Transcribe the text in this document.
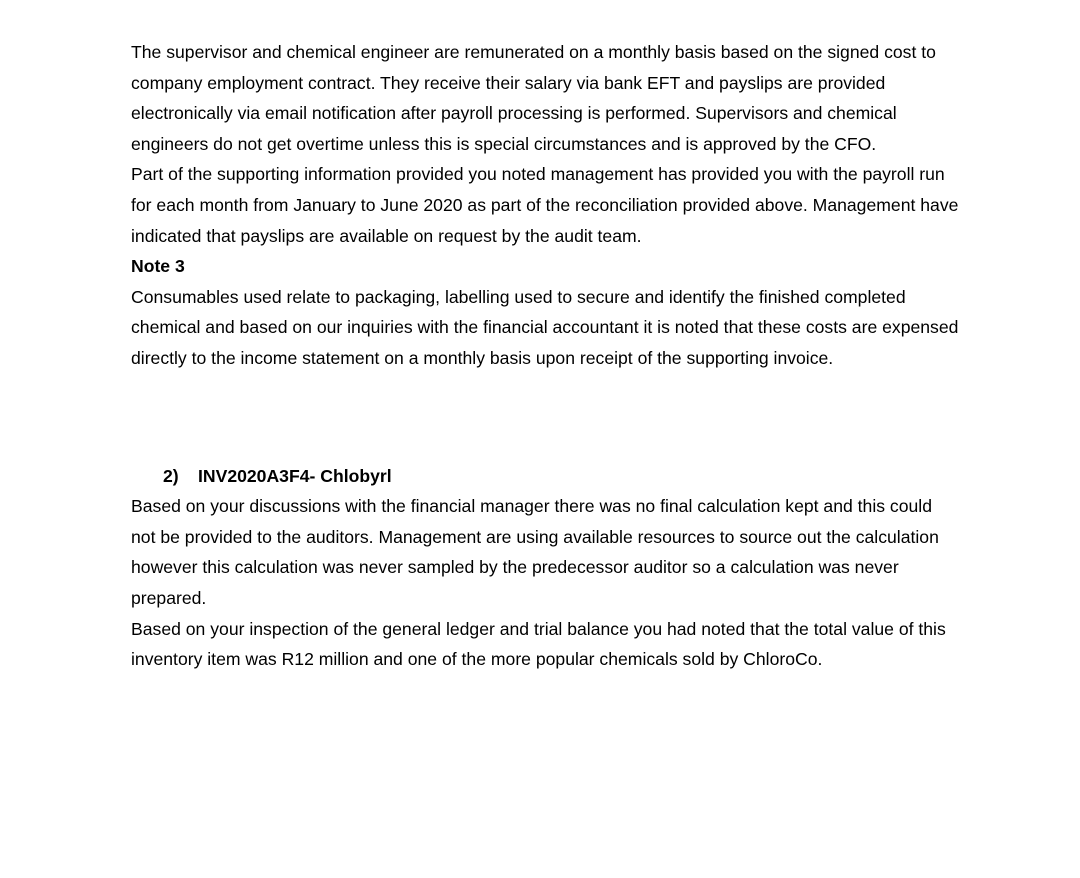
The supervisor and chemical engineer are remunerated on a monthly basis based on the signed cost to company employment contract. They receive their salary via bank EFT and payslips are provided electronically via email notification after payroll processing is performed. Supervisors and chemical engineers do not get overtime unless this is special circumstances and is approved by the CFO.

Part of the supporting information provided you noted management has provided you with the payroll run for each month from January to June 2020 as part of the reconciliation provided above. Management have indicated that payslips are available on request by the audit team.

Note 3

Consumables used relate to packaging, labelling used to secure and identify the finished completed chemical and based on our inquiries with the financial accountant it is noted that these costs are expensed directly to the income statement on a monthly basis upon receipt of the supporting invoice.

2) INV2020A3F4- Chlobyrl

Based on your discussions with the financial manager there was no final calculation kept and this could not be provided to the auditors. Management are using available resources to source out the calculation however this calculation was never sampled by the predecessor auditor so a calculation was never prepared.

Based on your inspection of the general ledger and trial balance you had noted that the total value of this inventory item was R12 million and one of the more popular chemicals sold by ChloroCo.
